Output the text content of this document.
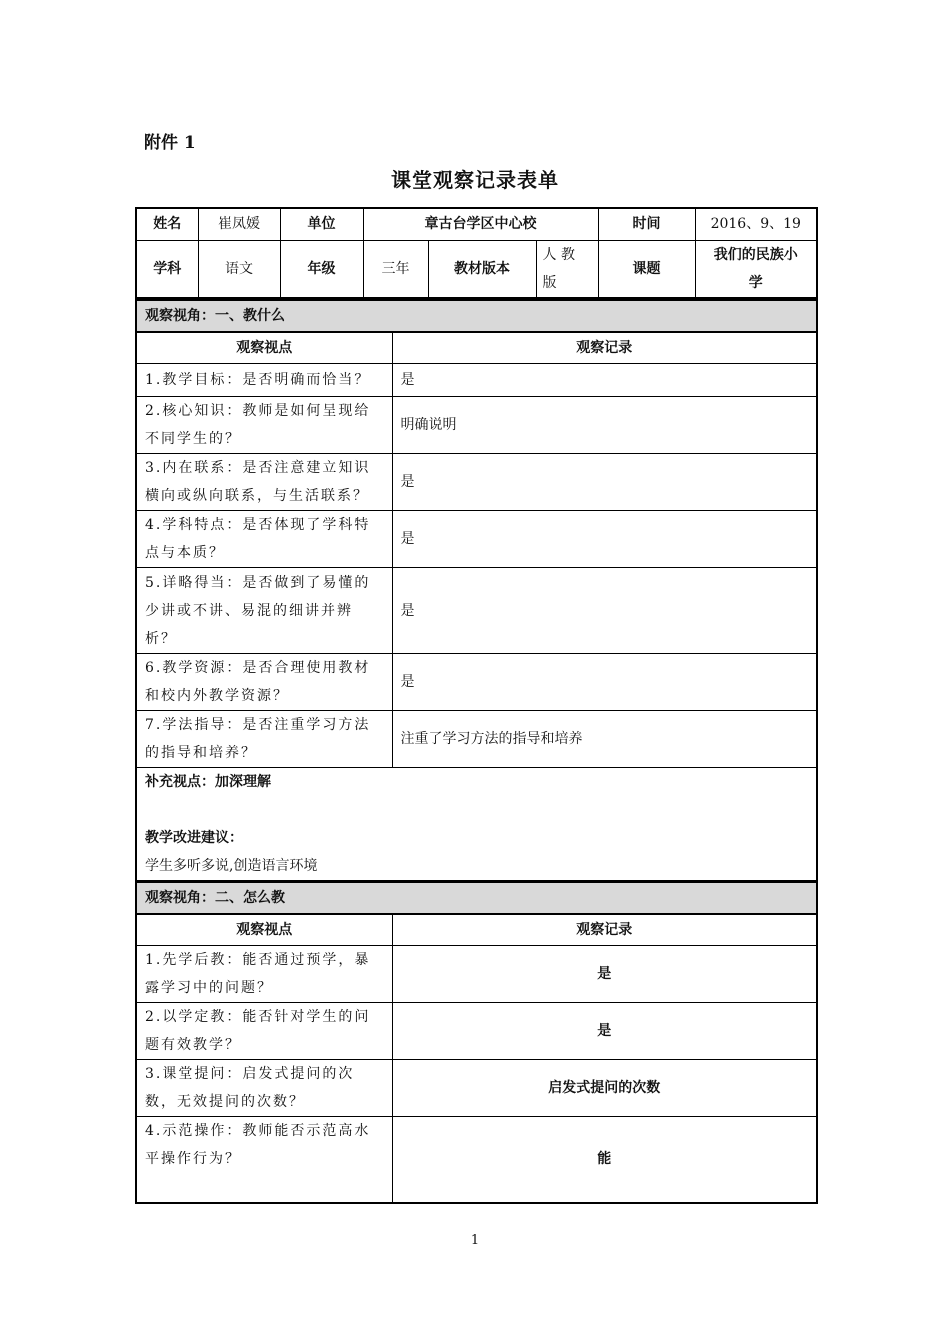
附件 1
课堂观察记录表单
姓名	崔凤媛	单位	章古台学区中心校			时间	2016、9、19
学科	语文	年级	三年	教材版本	人 教 版	课题	我们的民族小学
观察视角：一、教什么	
观察视点	观察记录
1.教学目标：是否明确而恰当？	是
2.核心知识：教师是如何呈现给不同学生的？	明确说明
3.内在联系：是否注意建立知识横向或纵向联系，与生活联系？	是
4.学科特点：是否体现了学科特点与本质？	是
5.详略得当：是否做到了易懂的少讲或不讲、易混的细讲并辨析？	是
6.教学资源：是否合理使用教材和校内外教学资源？	是
7.学法指导：是否注重学习方法的指导和培养？	注重了学习方法的指导和培养

补充视点：加深理解
教学改进建议：
学生多听多说,创造语言环境	
观察视角：二、怎么教	
观察视点	观察记录
1.先学后教：能否通过预学，暴露学习中的问题？	是
2.以学定教：能否针对学生的问题有效教学？	是
3.课堂提问：启发式提问的次数，无效提问的次数？	启发式提问的次数
4.示范操作：教师能否示范高水平操作行为？	能
1
